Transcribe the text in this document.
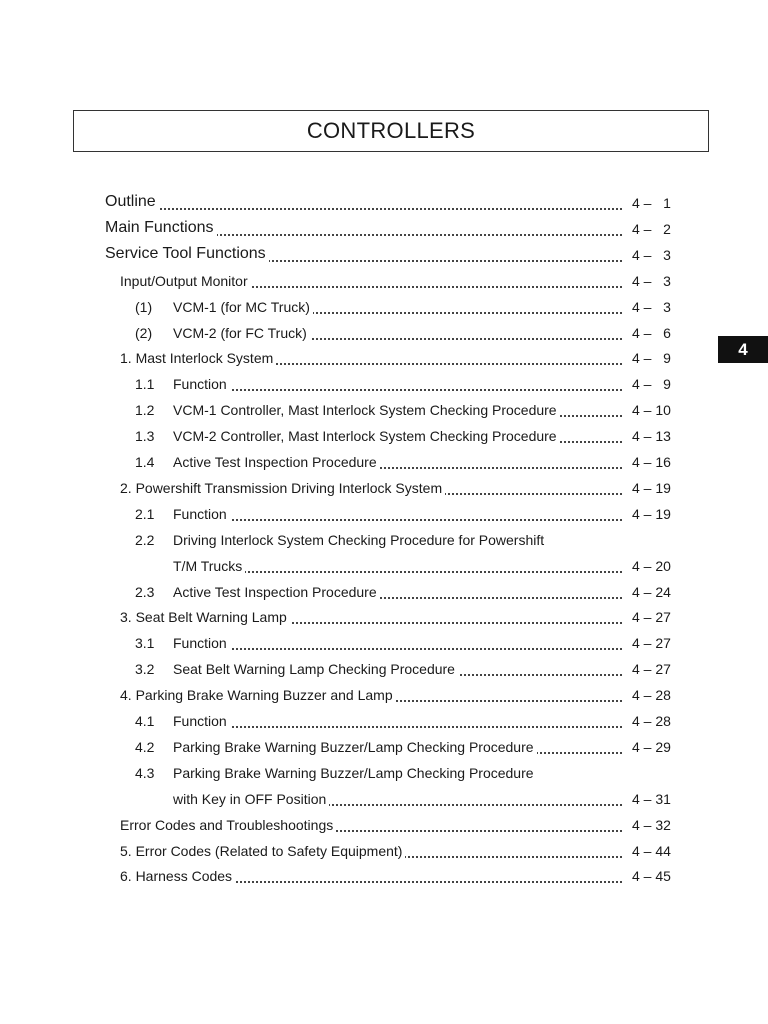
CONTROLLERS
4
Outline	4 –   1
Main Functions	4 –   2
Service Tool Functions	4 –   3
Input/Output Monitor	4 –   3
(1) VCM-1 (for MC Truck)	4 –   3
(2) VCM-2 (for FC Truck)	4 –   6
1. Mast Interlock System	4 –   9
1.1 Function	4 –   9
1.2 VCM-1 Controller, Mast Interlock System Checking Procedure	4 – 10
1.3 VCM-2 Controller, Mast Interlock System Checking Procedure	4 – 13
1.4 Active Test Inspection Procedure	4 – 16
2. Powershift Transmission Driving Interlock System	4 – 19
2.1 Function	4 – 19
2.2 Driving Interlock System Checking Procedure for Powershift
T/M Trucks	4 – 20
2.3 Active Test Inspection Procedure	4 – 24
3. Seat Belt Warning Lamp	4 – 27
3.1 Function	4 – 27
3.2 Seat Belt Warning Lamp Checking Procedure	4 – 27
4. Parking Brake Warning Buzzer and Lamp	4 – 28
4.1 Function	4 – 28
4.2 Parking Brake Warning Buzzer/Lamp Checking Procedure	4 – 29
4.3 Parking Brake Warning Buzzer/Lamp Checking Procedure
with Key in OFF Position	4 – 31
Error Codes and Troubleshootings	4 – 32
5. Error Codes (Related to Safety Equipment)	4 – 44
6. Harness Codes	4 – 45
